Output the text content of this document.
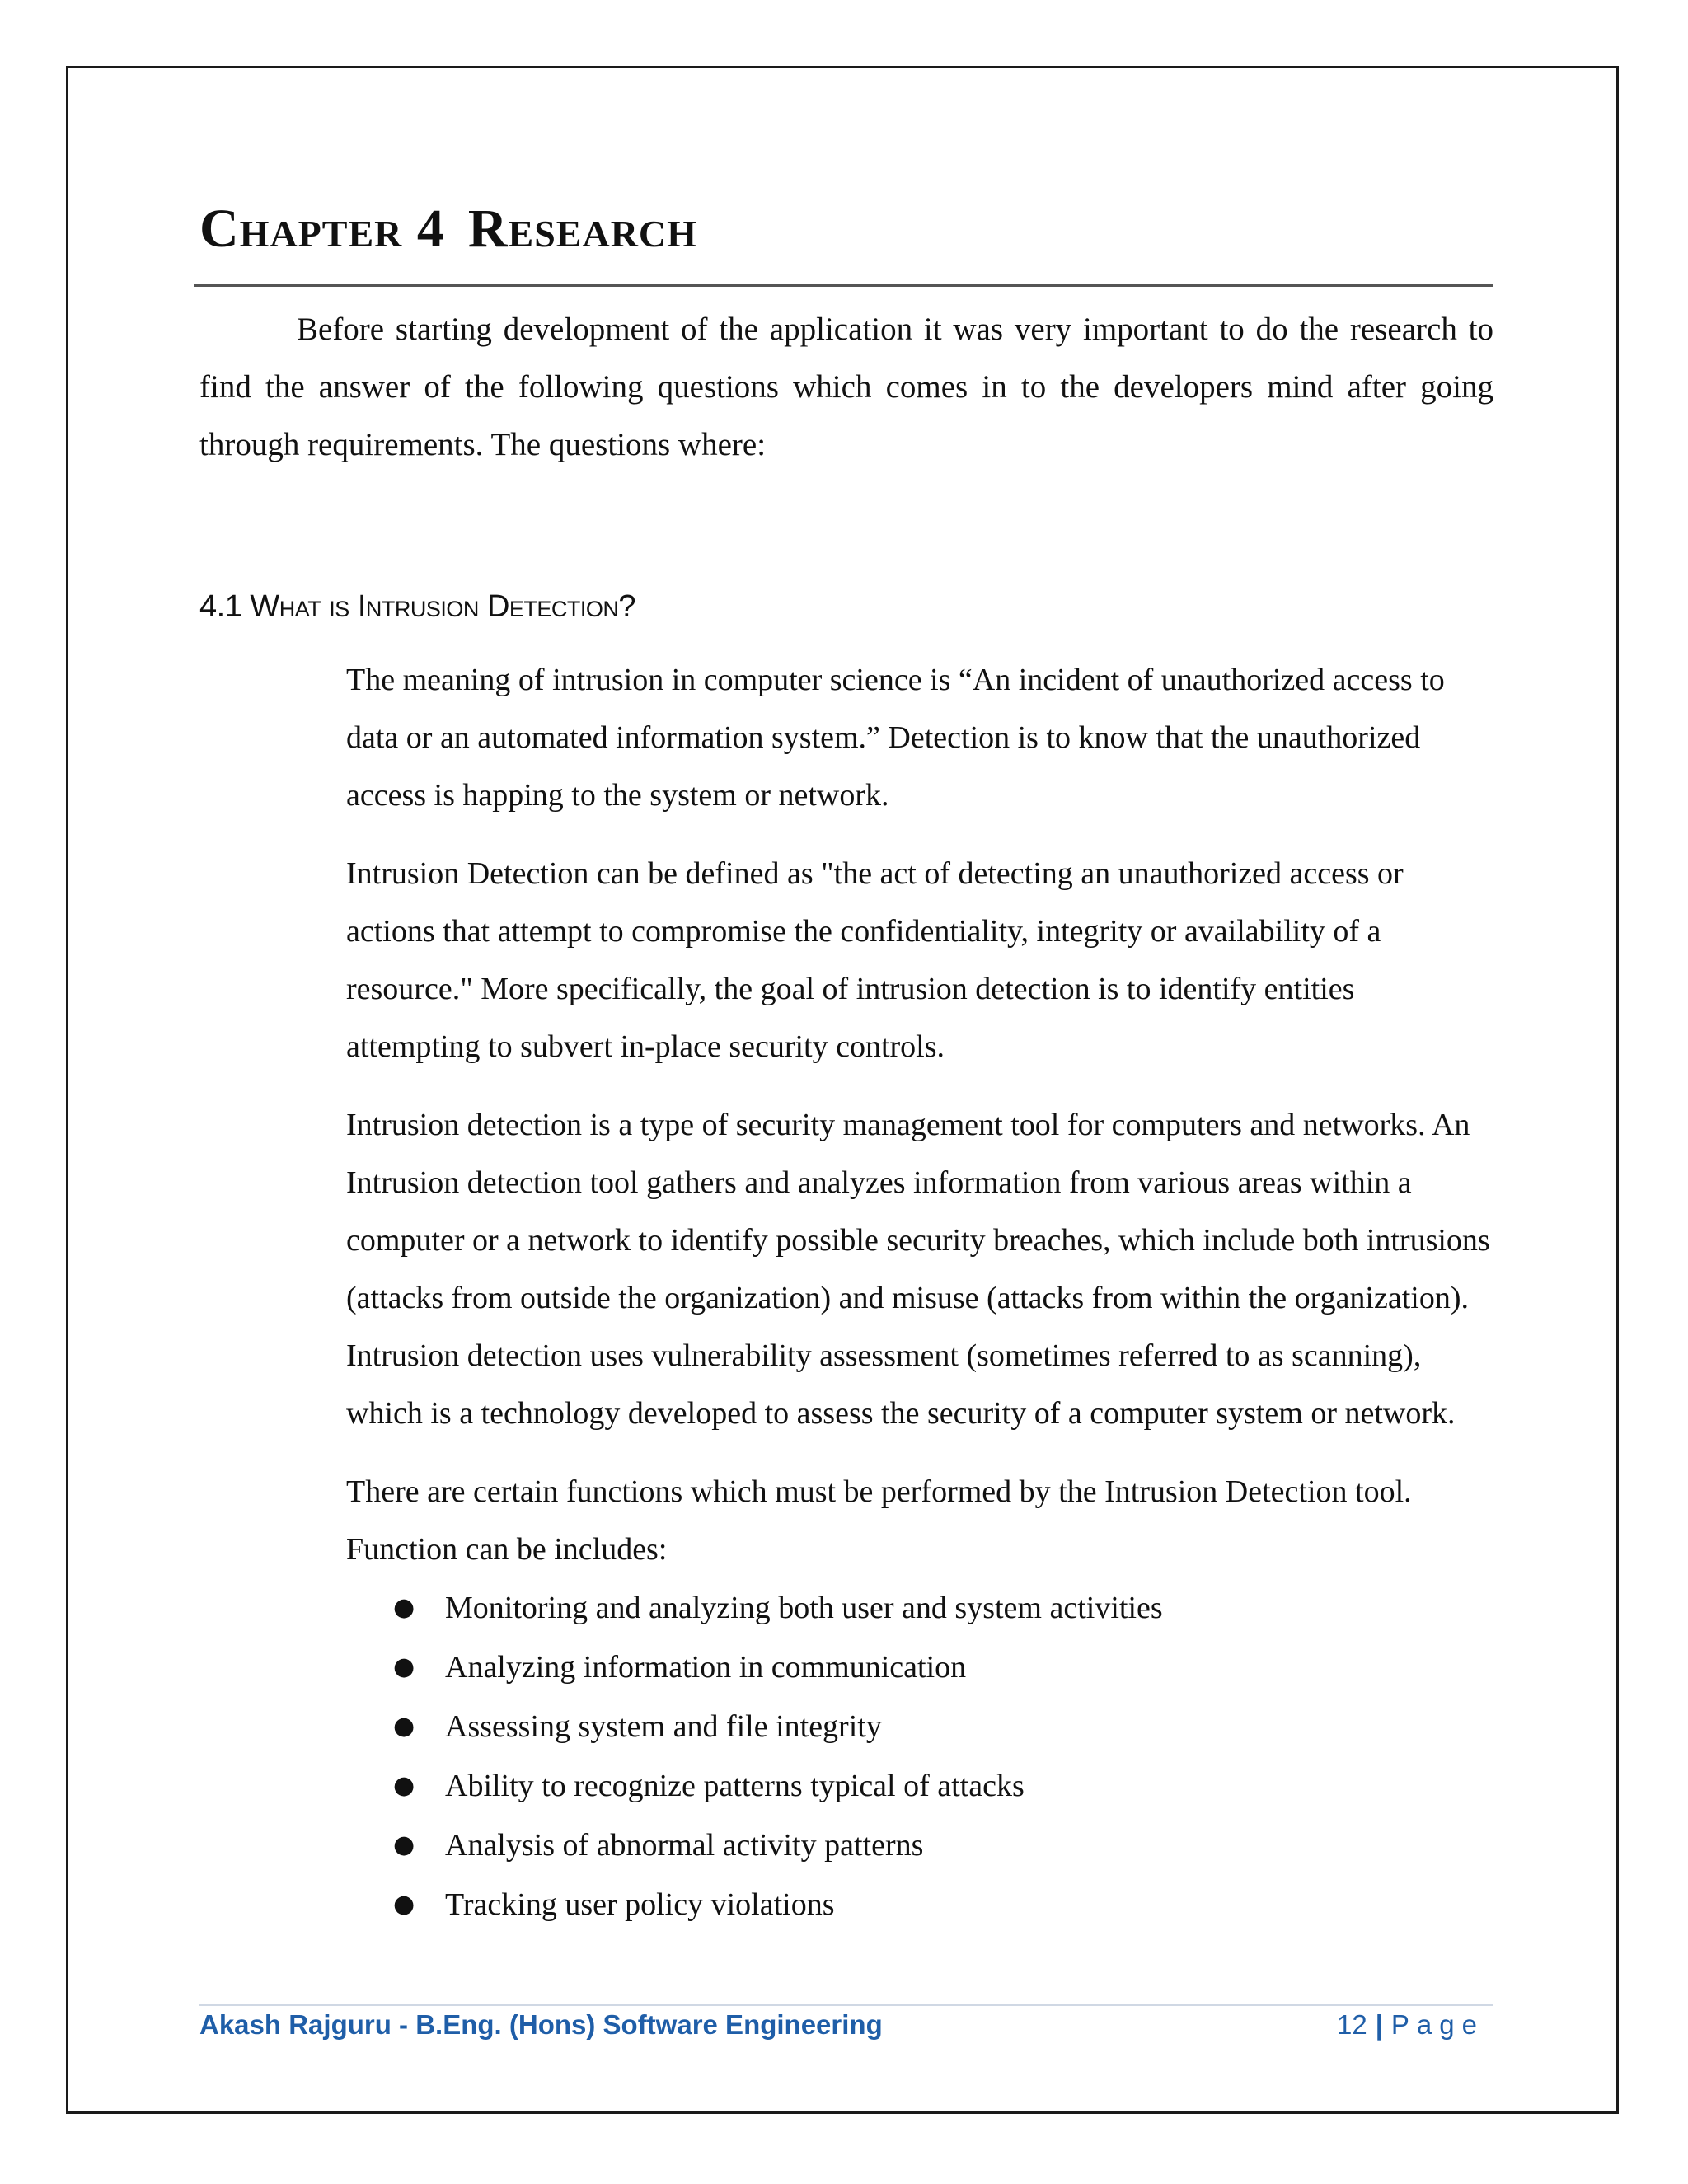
Chapter 4 Research

Before starting development of the application it was very important to do the research to find the answer of the following questions which comes in to the developers mind after going through requirements. The questions where:

4.1 What is Intrusion Detection?

The meaning of intrusion in computer science is “An incident of unauthorized access to data or an automated information system.” Detection is to know that the unauthorized access is happing to the system or network.

Intrusion Detection can be defined as "the act of detecting an unauthorized access or actions that attempt to compromise the confidentiality, integrity or availability of a resource." More specifically, the goal of intrusion detection is to identify entities attempting to subvert in-place security controls.

Intrusion detection is a type of security management tool for computers and networks. An Intrusion detection tool gathers and analyzes information from various areas within a computer or a network to identify possible security breaches, which include both intrusions (attacks from outside the organization) and misuse (attacks from within the organization). Intrusion detection uses vulnerability assessment (sometimes referred to as scanning), which is a technology developed to assess the security of a computer system or network.

There are certain functions which must be performed by the Intrusion Detection tool. Function can be includes:

● Monitoring and analyzing both user and system activities
● Analyzing information in communication
● Assessing system and file integrity
● Ability to recognize patterns typical of attacks
● Analysis of abnormal activity patterns
● Tracking user policy violations
Akash Rajguru - B.Eng. (Hons) Software Engineering	12 | Page
